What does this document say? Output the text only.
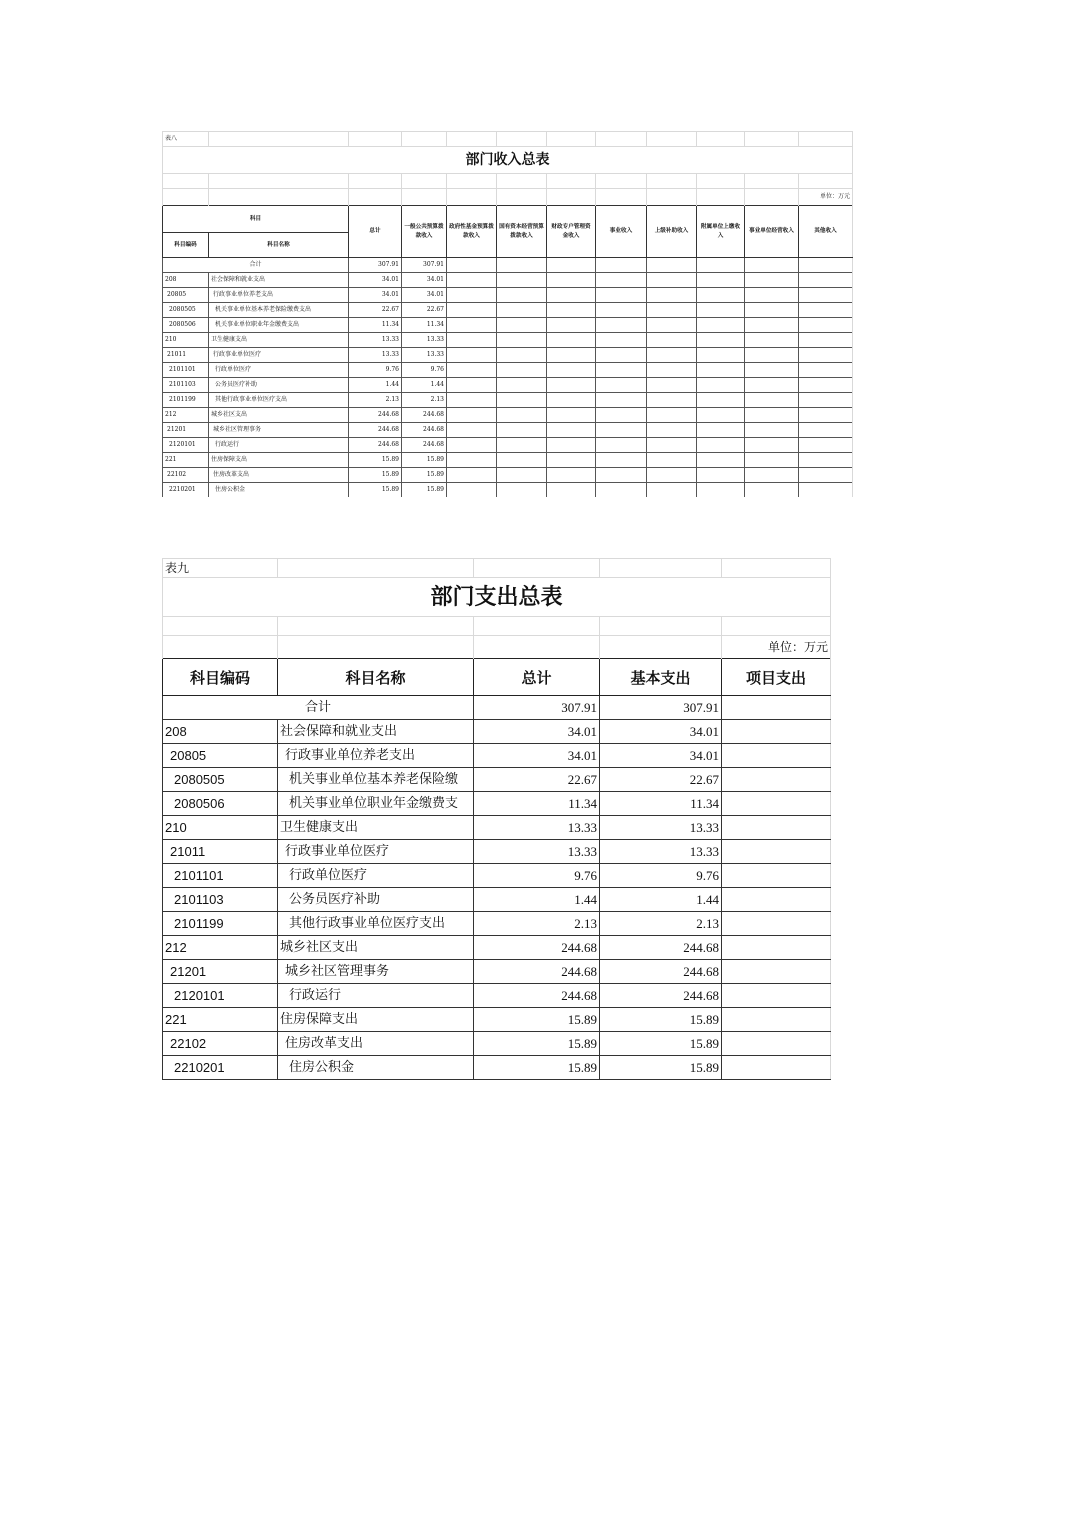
表八											
部门收入总表											

											单位：万元
科目		总计	一般公共预算拨款收入	政府性基金预算拨款收入	国有资本经营预算拨款收入	财政专户管理资金收入	事业收入	上级补助收入	附属单位上缴收入	事业单位经营收入	其他收入
科目编码	科目名称										
合计		307.91	307.91								
208	社会保障和就业支出	34.01	34.01								
20805	行政事业单位养老支出	34.01	34.01								
2080505	机关事业单位基本养老保险缴费支出	22.67	22.67								
2080506	机关事业单位职业年金缴费支出	11.34	11.34								
210	卫生健康支出	13.33	13.33								
21011	行政事业单位医疗	13.33	13.33								
2101101	行政单位医疗	9.76	9.76								
2101103	公务员医疗补助	1.44	1.44								
2101199	其他行政事业单位医疗支出	2.13	2.13								
212	城乡社区支出	244.68	244.68								
21201	城乡社区管理事务	244.68	244.68								
2120101	行政运行	244.68	244.68								
221	住房保障支出	15.89	15.89								
22102	住房改革支出	15.89	15.89								
2210201	住房公积金	15.89	15.89								
表九				
部门支出总表				

				单位：万元
科目编码	科目名称	总计	基本支出	项目支出
合计		307.91	307.91	
208	社会保障和就业支出	34.01	34.01	
20805	行政事业单位养老支出	34.01	34.01	
2080505	机关事业单位基本养老保险缴	22.67	22.67	
2080506	机关事业单位职业年金缴费支	11.34	11.34	
210	卫生健康支出	13.33	13.33	
21011	行政事业单位医疗	13.33	13.33	
2101101	行政单位医疗	9.76	9.76	
2101103	公务员医疗补助	1.44	1.44	
2101199	其他行政事业单位医疗支出	2.13	2.13	
212	城乡社区支出	244.68	244.68	
21201	城乡社区管理事务	244.68	244.68	
2120101	行政运行	244.68	244.68	
221	住房保障支出	15.89	15.89	
22102	住房改革支出	15.89	15.89	
2210201	住房公积金	15.89	15.89	
